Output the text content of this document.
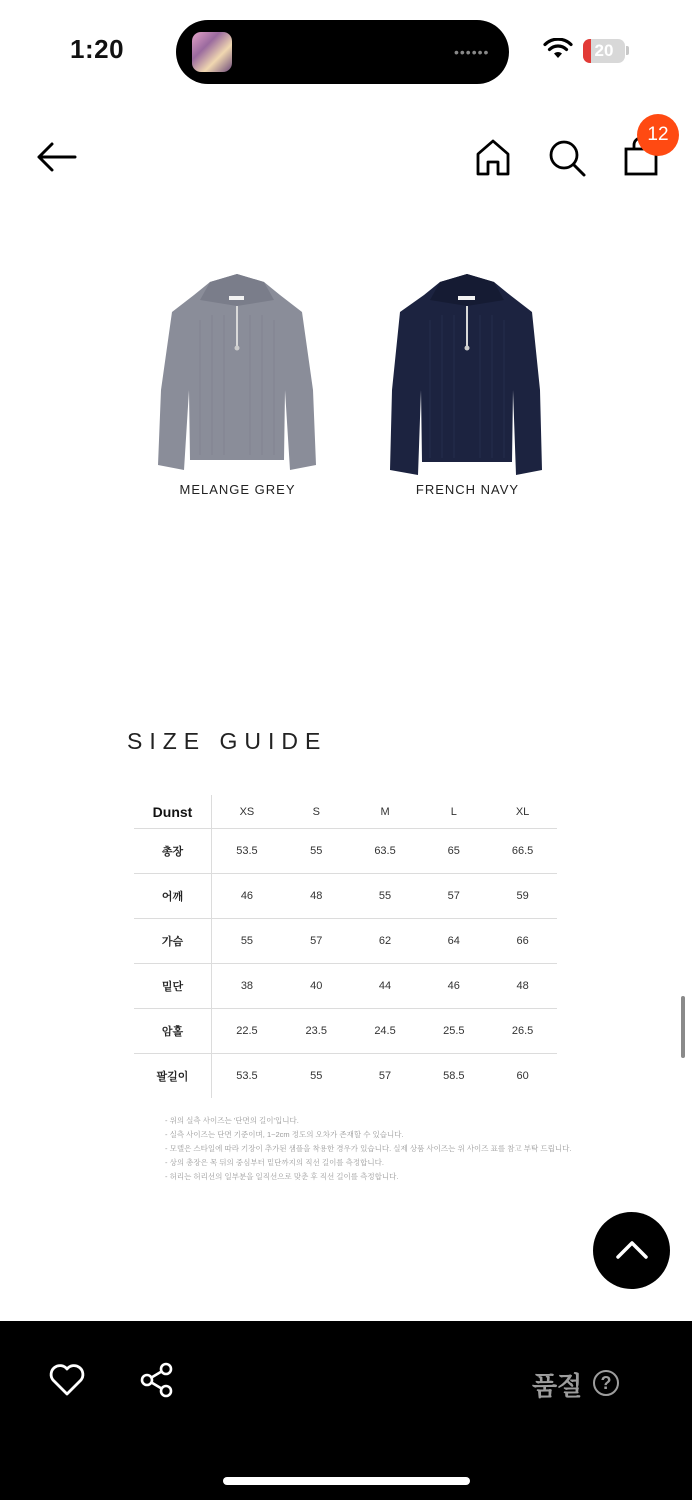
1:20	••••••	20
12
MELANGE GREY	FRENCH NAVY
SIZE GUIDE
Dunst	XS	S	M	L	XL
총장	53.5	55	63.5	65	66.5
어깨	46	48	55	57	59
가슴	55	57	62	64	66
밑단	38	40	44	46	48
암홀	22.5	23.5	24.5	25.5	26.5
팔길이	53.5	55	57	58.5	60
- 위의 실측 사이즈는 '단면의 길이'입니다.
- 실측 사이즈는 단면 기준이며, 1~2cm 정도의 오차가 존재할 수 있습니다.
- 모델은 스타일에 따라 기장이 추가된 샘플을 착용한 경우가 있습니다. 실제 상품 사이즈는 위 사이즈 표를 참고 부탁 드립니다.
- 상의 총장은 목 뒤의 중심부터 밑단까지의 직선 길이를 측정합니다.
- 허리는 허리선의 일부분을 일직선으로 맞춘 후 직선 길이를 측정합니다.
품절	?
